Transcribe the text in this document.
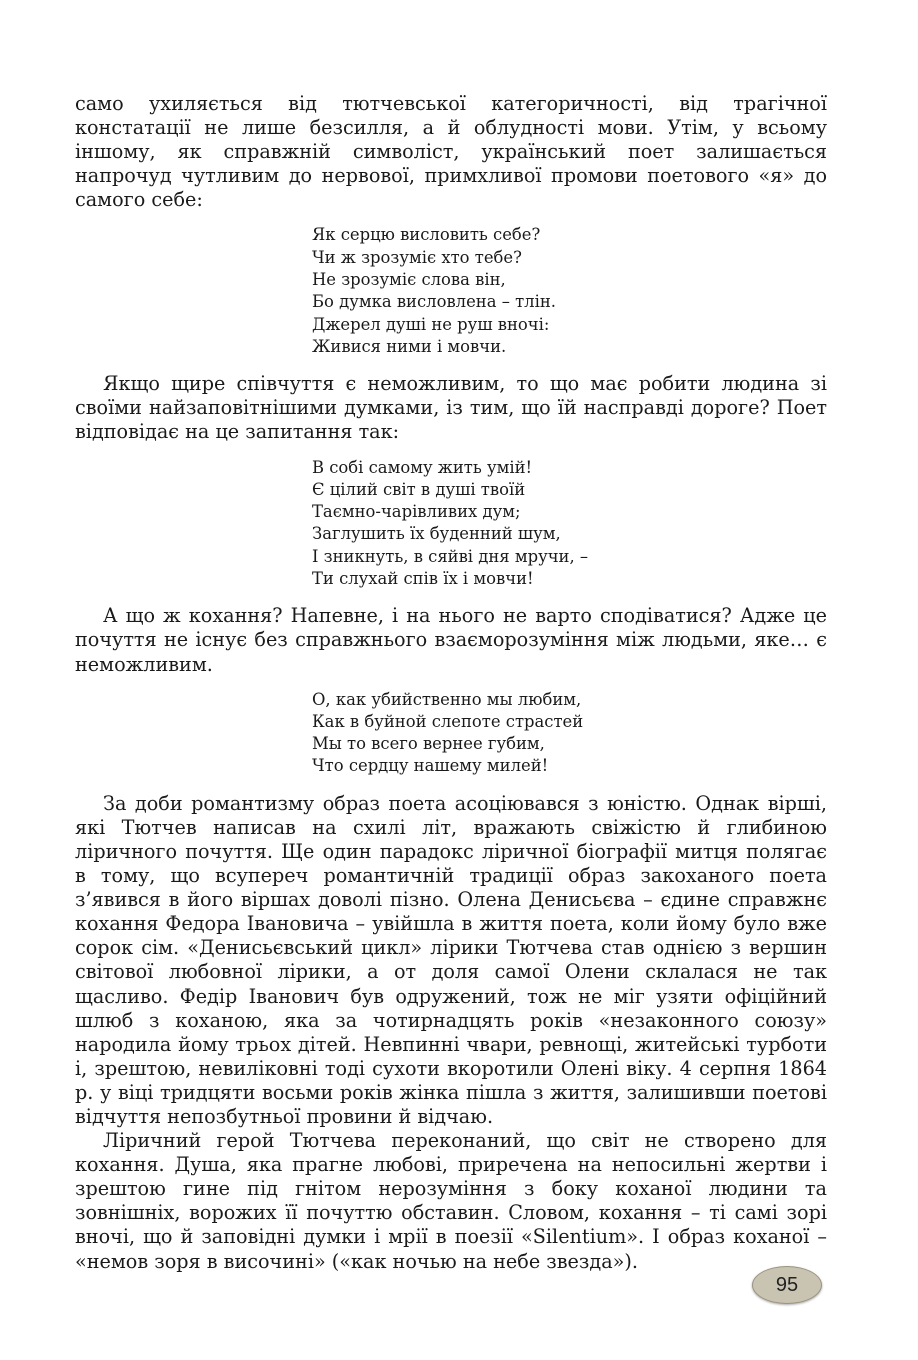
само ухиляється від тютчевської категоричності, від трагічної констатації не лише безсилля, а й облудності мови. Утім, у всьому іншому, як справжній символіст, український поет залишається напрочуд чутливим до нервової, примхливої промови поетового «я» до самого себе:

Як серцю висловить себе?
Чи ж зрозуміє хто тебе?
Не зрозуміє слова він,
Бо думка висловлена – тлін.
Джерел душі не руш вночі:
Живися ними і мовчи.

Якщо щире співчуття є неможливим, то що має робити людина зі своїми найзаповітнішими думками, із тим, що їй насправді дороге? Поет відповідає на це запитання так:

В собі самому жить умій!
Є цілий світ в душі твоїй
Таємно-чарівливих дум;
Заглушить їх буденний шум,
І зникнуть, в сяйві дня мручи, –
Ти слухай спів їх і мовчи!

А що ж кохання? Напевне, і на нього не варто сподіватися? Адже це почуття не існує без справжнього взаєморозуміння між людьми, яке… є неможливим.

О, как убийственно мы любим,
Как в буйной слепоте страстей
Мы то всего вернее губим,
Что сердцу нашему милей!

За доби романтизму образ поета асоціювався з юністю. Однак вірші, які Тютчев написав на схилі літ, вражають свіжістю й глибиною ліричного почуття. Ще один парадокс ліричної біографії митця полягає в тому, що всупереч романтичній традиції образ закоханого поета з’явився в його віршах доволі пізно. Олена Денисьєва – єдине справжнє кохання Федора Івановича – увійшла в життя поета, коли йому було вже сорок сім. «Денисьєвський цикл» лірики Тютчева став однією з вершин світової любовної лірики, а от доля самої Олени склалася не так щасливо. Федір Іванович був одружений, тож не міг узяти офіційний шлюб з коханою, яка за чотирнадцять років «незаконного союзу» народила йому трьох дітей. Невпинні чвари, ревнощі, житейські турботи і, зрештою, невиліковні тоді сухоти вкоротили Олені віку. 4 серпня 1864 р. у віці тридцяти восьми років жінка пішла з життя, залишивши поетові відчуття непозбутньої провини й відчаю.

Ліричний герой Тютчева переконаний, що світ не створено для кохання. Душа, яка прагне любові, приречена на непосильні жертви і зрештою гине під гнітом нерозуміння з боку коханої людини та зовнішніх, ворожих її почуттю обставин. Словом, кохання – ті самі зорі вночі, що й заповідні думки і мрії в поезії «Silentium». І образ коханої – «немов зоря в височині» («как ночью на небе звезда»).

95
